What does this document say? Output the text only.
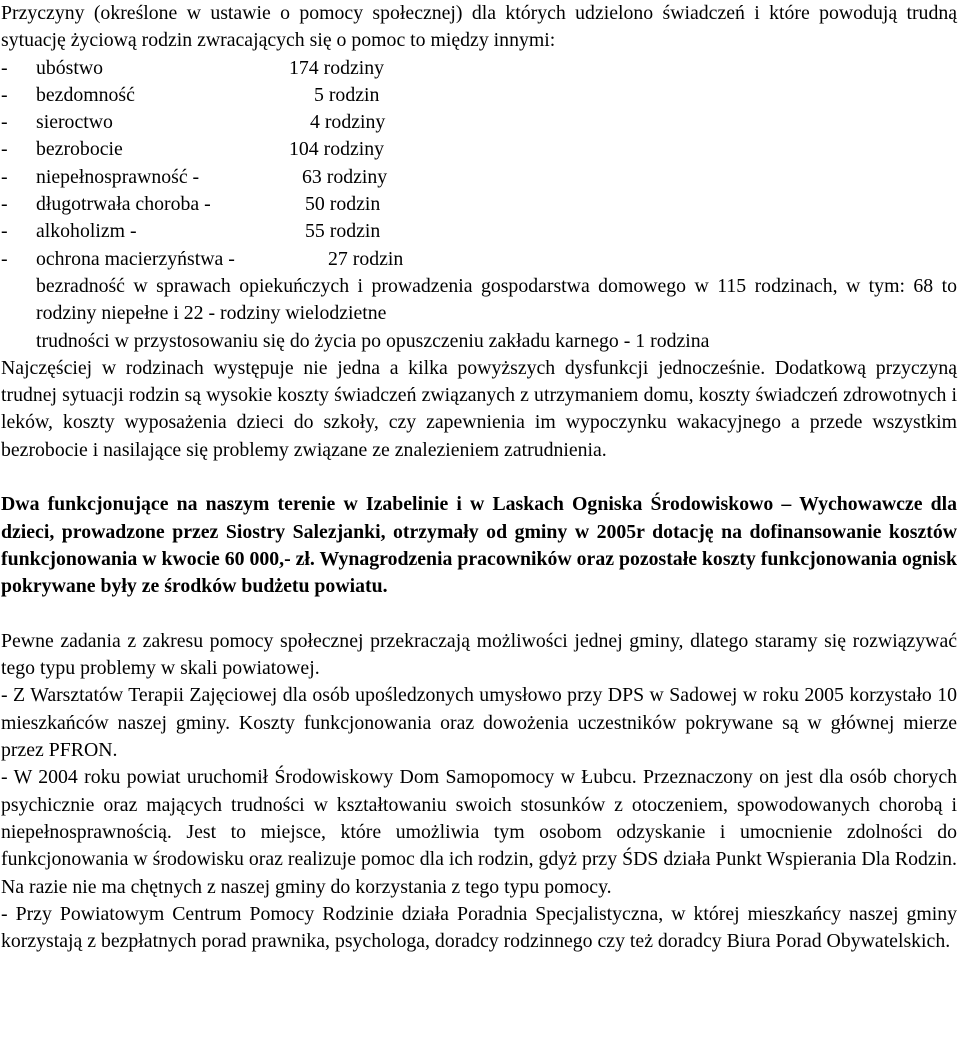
Przyczyny (określone w ustawie o pomocy społecznej) dla których udzielono świadczeń i które powodują trudną sytuację życiową rodzin zwracających się o pomoc to między innymi:

- ubóstwo	174 rodziny
- bezdomność	5 rodzin
- sieroctwo	4 rodziny
- bezrobocie	104 rodziny
- niepełnosprawność -	63 rodziny
- długotrwała choroba -	50 rodzin
- alkoholizm -	55 rodzin
- ochrona macierzyństwa -	27 rodzin

bezradność w sprawach opiekuńczych i prowadzenia gospodarstwa domowego w 115 rodzinach, w tym: 68 to rodziny niepełne i 22 - rodziny wielodzietne

trudności w przystosowaniu się do życia po opuszczeniu zakładu karnego - 1 rodzina

Najczęściej w rodzinach występuje nie jedna a kilka powyższych dysfunkcji jednocześnie. Dodatkową przyczyną trudnej sytuacji rodzin są wysokie koszty świadczeń związanych z utrzymaniem domu, koszty świadczeń zdrowotnych i leków, koszty wyposażenia dzieci do szkoły, czy zapewnienia im wypoczynku wakacyjnego a przede wszystkim bezrobocie i nasilające się problemy związane ze znalezieniem zatrudnienia.

Dwa funkcjonujące na naszym terenie w Izabelinie i w Laskach Ogniska Środowiskowo – Wychowawcze dla dzieci, prowadzone przez Siostry Salezjanki, otrzymały od gminy w 2005r dotację na dofinansowanie kosztów funkcjonowania w kwocie 60 000,- zł. Wynagrodzenia pracowników oraz pozostałe koszty funkcjonowania ognisk pokrywane były ze środków budżetu powiatu.

Pewne zadania z zakresu pomocy społecznej przekraczają możliwości jednej gminy, dlatego staramy się rozwiązywać tego typu problemy w skali powiatowej.

- Z Warsztatów Terapii Zajęciowej dla osób upośledzonych umysłowo przy DPS w Sadowej w roku 2005 korzystało 10 mieszkańców naszej gminy. Koszty funkcjonowania oraz dowożenia uczestników pokrywane są w głównej mierze przez PFRON.

- W 2004 roku powiat uruchomił Środowiskowy Dom Samopomocy w Łubcu. Przeznaczony on jest dla osób chorych psychicznie oraz mających trudności w kształtowaniu swoich stosunków z otoczeniem, spowodowanych chorobą i niepełnosprawnością. Jest to miejsce, które umożliwia tym osobom odzyskanie i umocnienie zdolności do funkcjonowania w środowisku oraz realizuje pomoc dla ich rodzin, gdyż przy ŚDS działa Punkt Wspierania Dla Rodzin. Na razie nie ma chętnych z naszej gminy do korzystania z tego typu pomocy.

- Przy Powiatowym Centrum Pomocy Rodzinie działa Poradnia Specjalistyczna, w której mieszkańcy naszej gminy korzystają z bezpłatnych porad prawnika, psychologa, doradcy rodzinnego czy też doradcy Biura Porad Obywatelskich.
